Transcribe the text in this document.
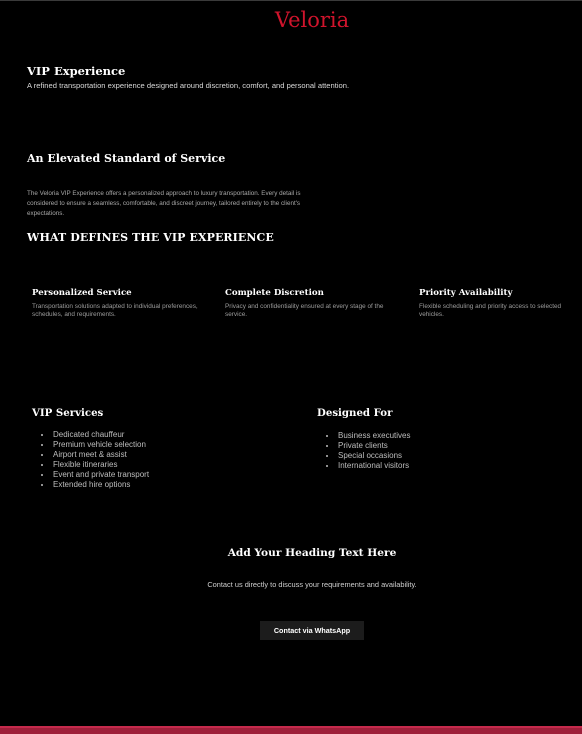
Veloria
VIP Experience
A refined transportation experience designed around discretion, comfort, and personal attention.
An Elevated Standard of Service
The Veloria VIP Experience offers a personalized approach to luxury transportation. Every detail is considered to ensure a seamless, comfortable, and discreet journey, tailored entirely to the client's expectations.
WHAT DEFINES THE VIP EXPERIENCE
Personalized Service
Transportation solutions adapted to individual preferences, schedules, and requirements.
Complete Discretion
Privacy and confidentiality ensured at every stage of the service.
Priority Availability
Flexible scheduling and priority access to selected vehicles.
VIP Services
• Dedicated chauffeur
• Premium vehicle selection
• Airport meet & assist
• Flexible itineraries
• Event and private transport
• Extended hire options
Designed For
• Business executives
• Private clients
• Special occasions
• International visitors
Add Your Heading Text Here
Contact us directly to discuss your requirements and availability.
Contact via WhatsApp
